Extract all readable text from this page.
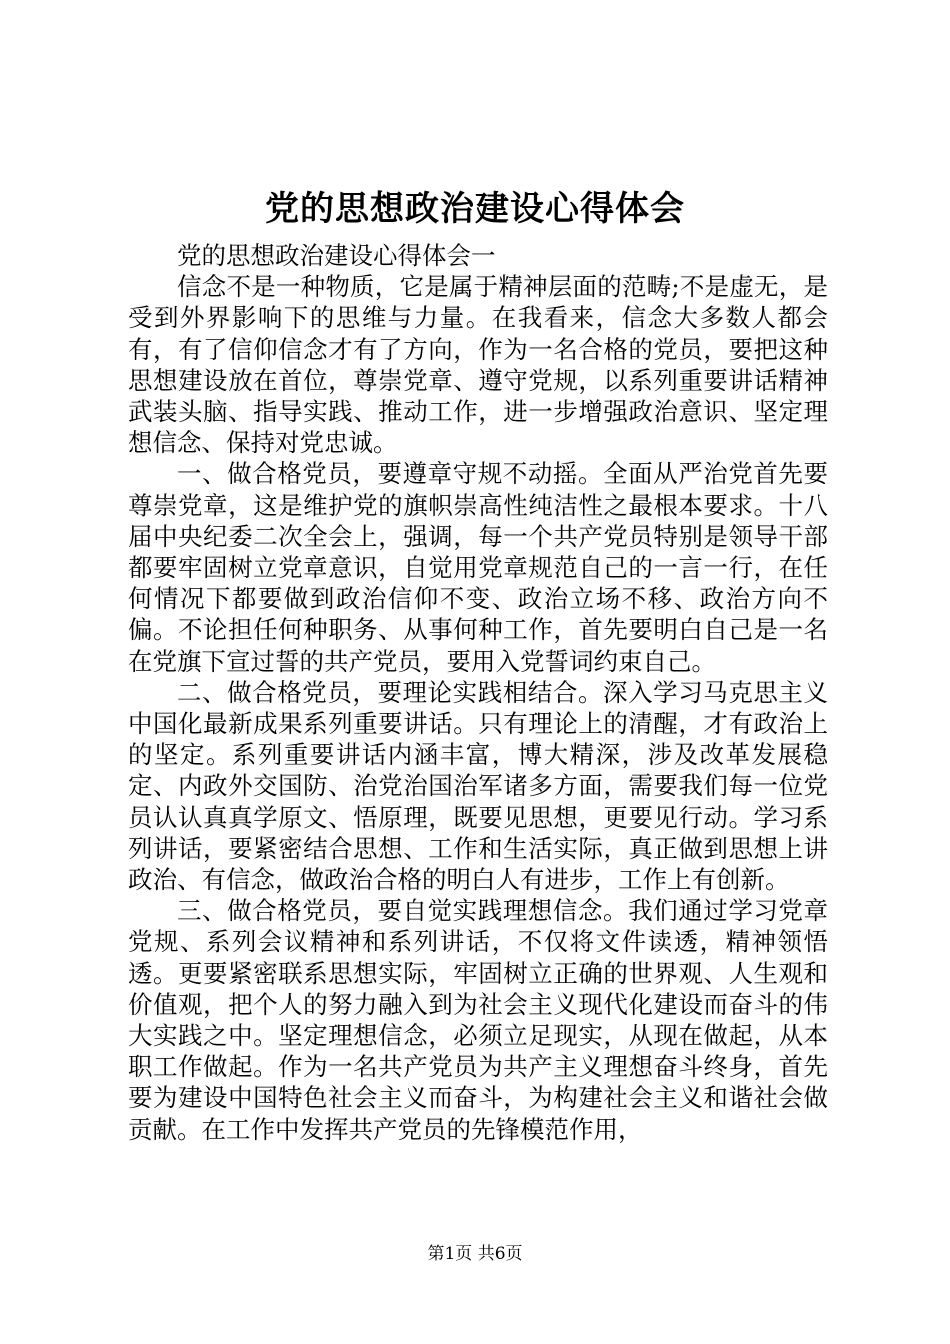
党的思想政治建设心得体会

党的思想政治建设心得体会一

信念不是一种物质，它是属于精神层面的范畴;不是虚无，是受到外界影响下的思维与力量。在我看来，信念大多数人都会有，有了信仰信念才有了方向，作为一名合格的党员，要把这种思想建设放在首位，尊崇党章、遵守党规，以系列重要讲话精神武装头脑、指导实践、推动工作，进一步增强政治意识、坚定理想信念、保持对党忠诚。

一、做合格党员，要遵章守规不动摇。全面从严治党首先要尊崇党章，这是维护党的旗帜崇高性纯洁性之最根本要求。十八届中央纪委二次全会上，强调，每一个共产党员特别是领导干部都要牢固树立党章意识，自觉用党章规范自己的一言一行，在任何情况下都要做到政治信仰不变、政治立场不移、政治方向不偏。不论担任何种职务、从事何种工作，首先要明白自己是一名在党旗下宣过誓的共产党员，要用入党誓词约束自己。

二、做合格党员，要理论实践相结合。深入学习马克思主义中国化最新成果系列重要讲话。只有理论上的清醒，才有政治上的坚定。系列重要讲话内涵丰富，博大精深，涉及改革发展稳定、内政外交国防、治党治国治军诸多方面，需要我们每一位党员认认真真学原文、悟原理，既要见思想，更要见行动。学习系列讲话，要紧密结合思想、工作和生活实际，真正做到思想上讲政治、有信念，做政治合格的明白人有进步，工作上有创新。

三、做合格党员，要自觉实践理想信念。我们通过学习党章党规、系列会议精神和系列讲话，不仅将文件读透，精神领悟透。更要紧密联系思想实际，牢固树立正确的世界观、人生观和价值观，把个人的努力融入到为社会主义现代化建设而奋斗的伟大实践之中。坚定理想信念，必须立足现实，从现在做起，从本职工作做起。作为一名共产党员为共产主义理想奋斗终身，首先要为建设中国特色社会主义而奋斗，为构建社会主义和谐社会做贡献。在工作中发挥共产党员的先锋模范作用，

第1页 共6页
